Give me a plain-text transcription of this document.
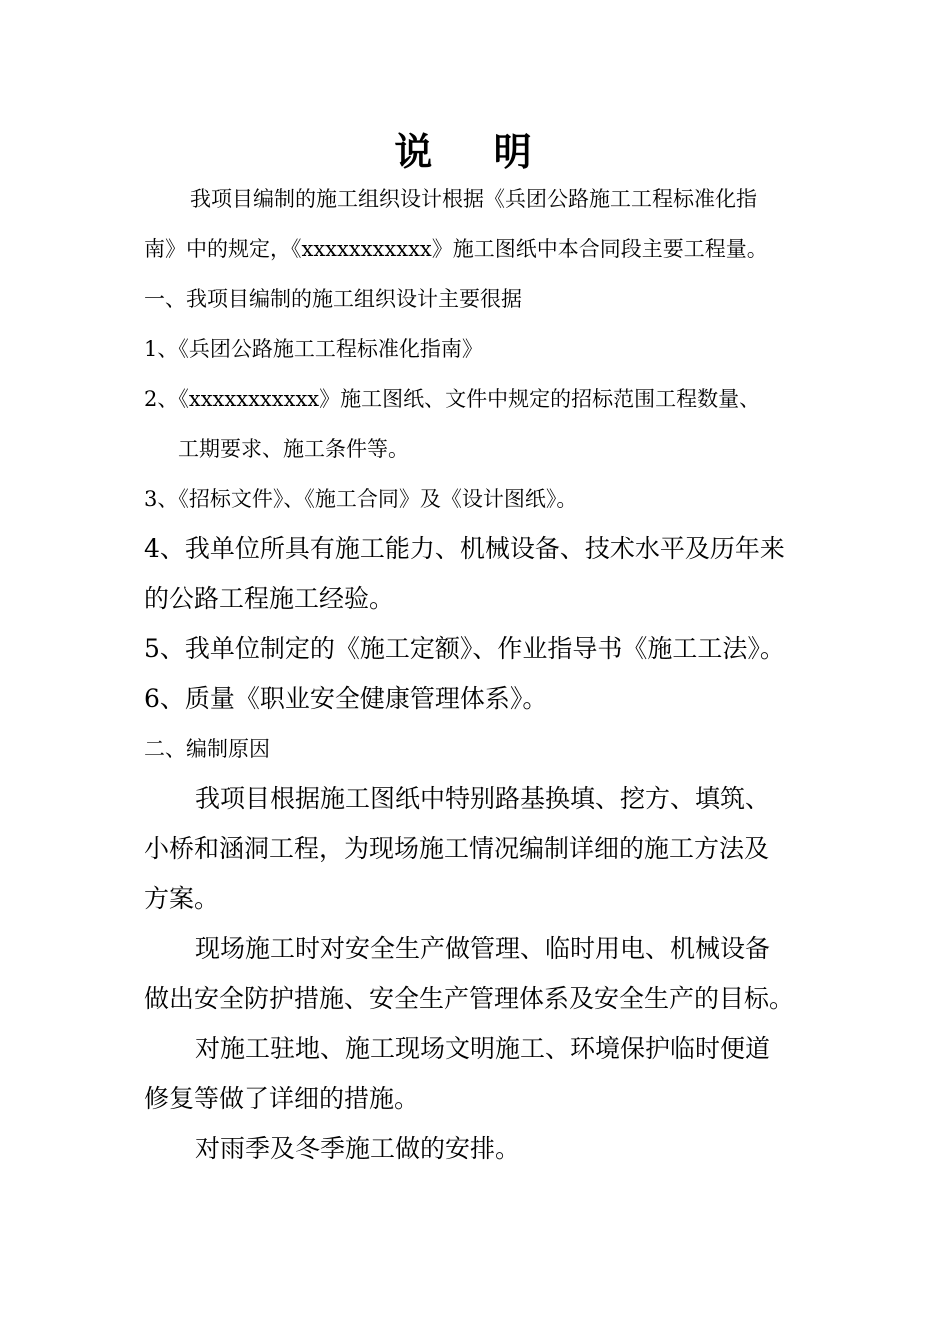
说 明
我项目编制的施工组织设计根据《兵团公路施工工程标准化指
南》中的规定，《xxxxxxxxxxx》施工图纸中本合同段主要工程量。
一、我项目编制的施工组织设计主要很据
1、《兵团公路施工工程标准化指南》
2、《xxxxxxxxxxx》施工图纸、文件中规定的招标范围工程数量、
工期要求、施工条件等。
3、《招标文件》、《施工合同》及《设计图纸》。
4、我单位所具有施工能力、机械设备、技术水平及历年来
的公路工程施工经验。
5、我单位制定的《施工定额》、作业指导书《施工工法》。
6、质量《职业安全健康管理体系》。
二、编制原因
我项目根据施工图纸中特别路基换填、挖方、填筑、
小桥和涵洞工程，为现场施工情况编制详细的施工方法及
方案。
现场施工时对安全生产做管理、临时用电、机械设备
做出安全防护措施、安全生产管理体系及安全生产的目标。
对施工驻地、施工现场文明施工、环境保护临时便道
修复等做了详细的措施。
对雨季及冬季施工做的安排。
